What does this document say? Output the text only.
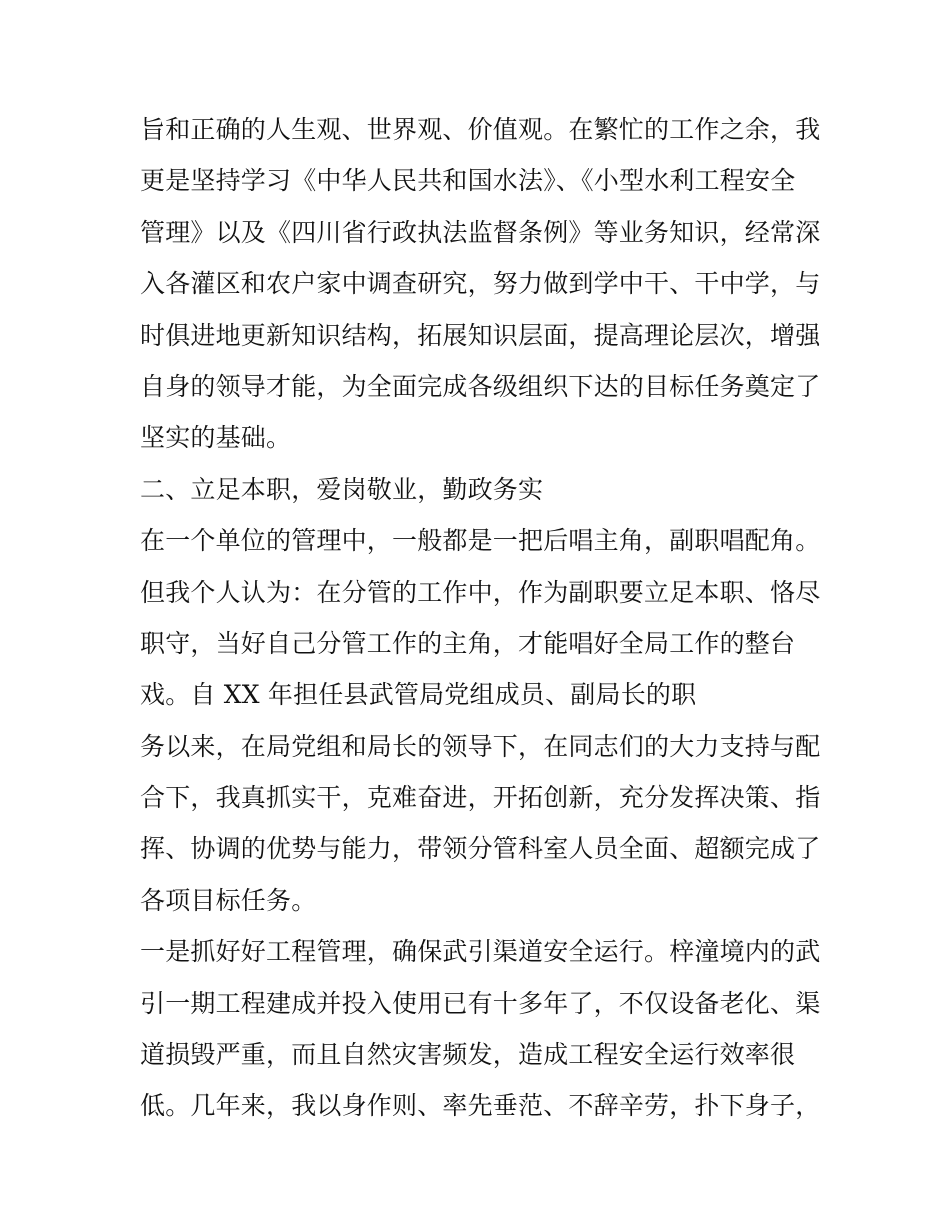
旨和正确的人生观、世界观、价值观。在繁忙的工作之余，我
更是坚持学习《中华人民共和国水法》、《小型水利工程安全
管理》以及《四川省行政执法监督条例》等业务知识，经常深
入各灌区和农户家中调查研究，努力做到学中干、干中学，与
时俱进地更新知识结构，拓展知识层面，提高理论层次，增强
自身的领导才能，为全面完成各级组织下达的目标任务奠定了
坚实的基础。
二、立足本职，爱岗敬业，勤政务实
在一个单位的管理中，一般都是一把后唱主角，副职唱配角。
但我个人认为：在分管的工作中，作为副职要立足本职、恪尽
职守，当好自己分管工作的主角，才能唱好全局工作的整台
戏。自 XX 年担任县武管局党组成员、副局长的职
务以来，在局党组和局长的领导下，在同志们的大力支持与配
合下，我真抓实干，克难奋进，开拓创新，充分发挥决策、指
挥、协调的优势与能力，带领分管科室人员全面、超额完成了
各项目标任务。
一是抓好好工程管理，确保武引渠道安全运行。梓潼境内的武
引一期工程建成并投入使用已有十多年了，不仅设备老化、渠
道损毁严重，而且自然灾害频发，造成工程安全运行效率很
低。几年来，我以身作则、率先垂范、不辞辛劳，扑下身子，
